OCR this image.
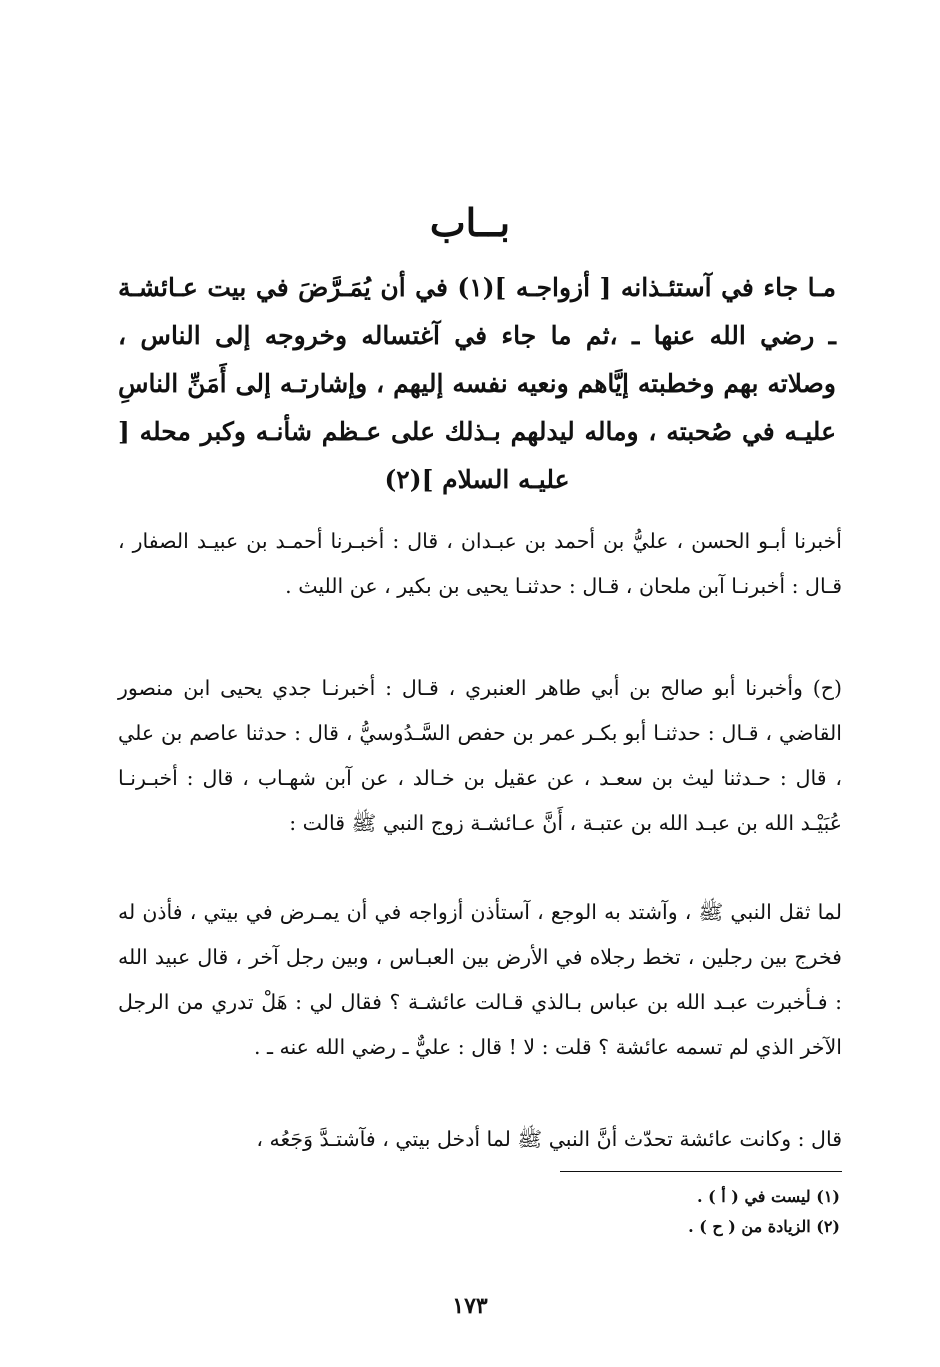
بــاب
مـا جاء في آستئـذانه [ أزواجـه ](١) في أن يُمَـرَّضَ في بيت عـائشـة ـ رضي الله عنها ـ ،ثم ما جاء في آغتساله وخروجه إلى الناس ، وصلاته بهم وخطبته إيَّاهم ونعيه نفسه إليهم ، وإشارتـه إلى أَمَنِّ الناسِ عليـه في صُحبته ، وماله ليدلهم بـذلك على عـظم شأنـه وكبر محله [ عليـه السلام ](٢)
أخبرنا أبـو الحسن ، عليُّ بن أحمد بن عبـدان ، قال : أخبـرنا أحمـد بن عبيـد الصفار ، قـال : أخبرنـا آبن ملحان ، قـال : حدثنـا يحيى بن بكير ، عن الليث .
(ح) وأخبرنا أبو صالح بن أبي طاهر العنبري ، قـال : أخبرنـا جدي يحيى ابن منصور القاضي ، قـال : حدثنـا أبو بكـر عمر بن حفص السَّـدُوسيُّ ، قال : حدثنا عاصم بن علي ، قال : حـدثنا ليث بن سعـد ، عن عقيل بن خـالد ، عن آبن شهـاب ، قال : أخبـرنـا عُبَيْـد الله بن عبـد الله بن عتبـة ، أَنَّ عـائشـة زوج النبي ﷺ قالت :
لما ثقل النبي ﷺ ، وآشتد به الوجع ، آستأذن أزواجه في أن يمـرض في بيتي ، فأذن له فخرج بين رجلين ، تخط رجلاه في الأرض بين العبـاس ، وبين رجل آخر ، قال عبيد الله : فـأخبرت عبـد الله بن عباس بـالذي قـالت عائشـة ؟ فقال لي : هَلْ تدري من الرجل الآخر الذي لم تسمه عائشة ؟ قلت : لا ! قال : عليٌّ ـ رضي الله عنه ـ .
قال : وكانت عائشة تحدّث أنَّ النبي ﷺ لما أدخل بيتي ، فآشتـدَّ وَجَعُه ،
(١) ليست في ( أ ) .
(٢) الزيادة من ( ح ) .
١٧٣
